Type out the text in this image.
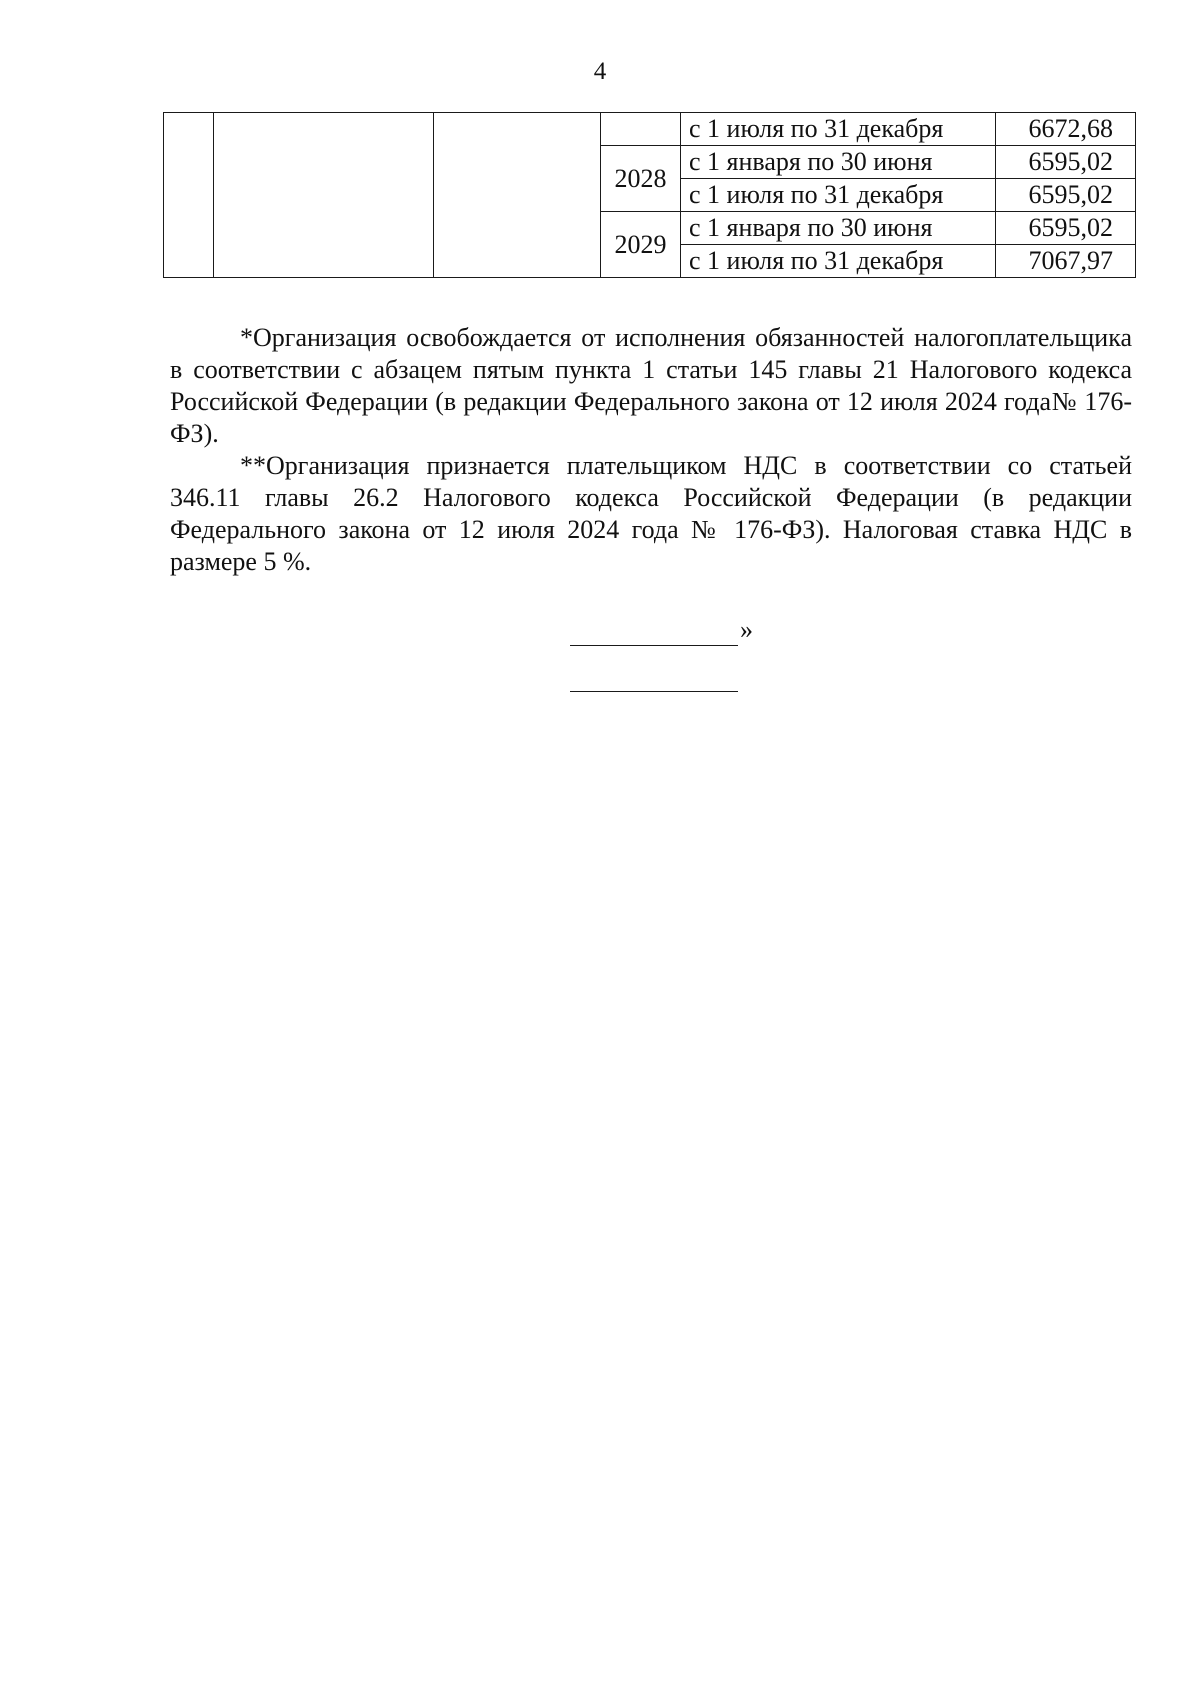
4
				с 1 июля по 31 декабря	6672,68
			2028	с 1 января по 30 июня	6595,02
				с 1 июля по 31 декабря	6595,02
			2029	с 1 января по 30 июня	6595,02
				с 1 июля по 31 декабря	7067,97

*Организация освобождается от исполнения обязанностей налогоплательщика в соответствии с абзацем пятым пункта 1 статьи 145 главы 21 Налогового кодекса Российской Федерации (в редакции Федерального закона от 12 июля 2024 года№ 176-ФЗ).

**Организация признается плательщиком НДС в соответствии со статьей 346.11 главы 26.2 Налогового кодекса Российской Федерации (в редакции Федерального закона от 12 июля 2024 года № 176-ФЗ). Налоговая ставка НДС в размере 5 %.

»
